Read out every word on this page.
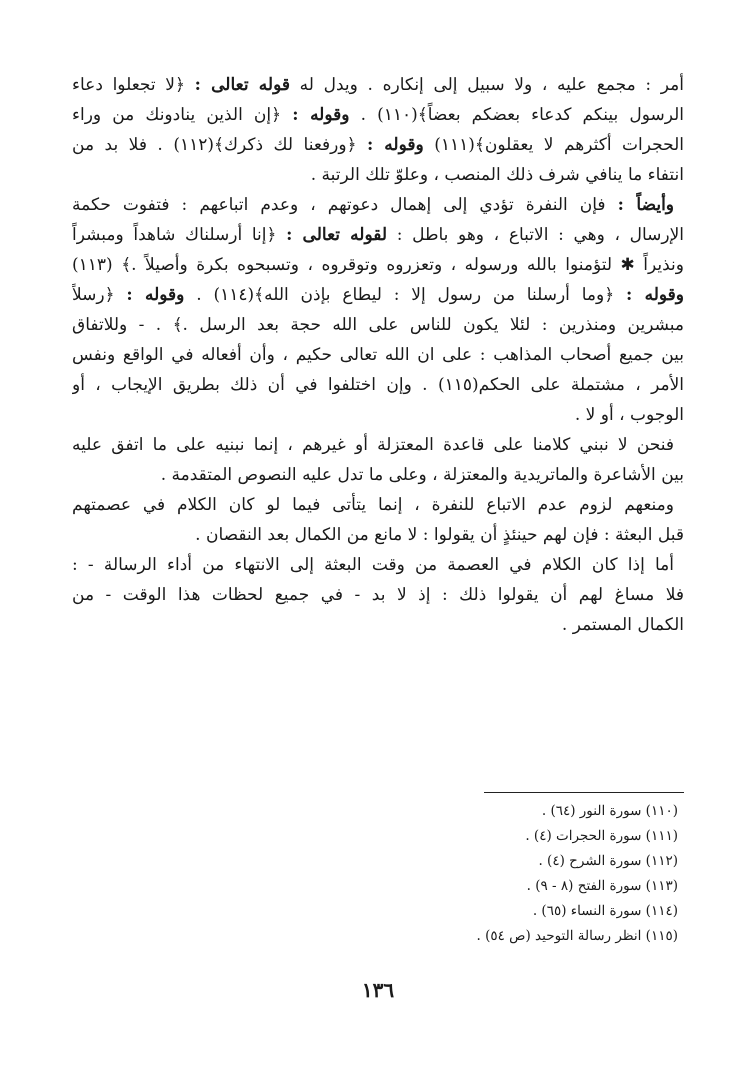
أمر : مجمع عليه ، ولا سبيل إلى إنكاره . ويدل له قوله تعالى : ﴿لا تجعلوا دعاء
الرسول بينكم كدعاء بعضكم بعضاً﴾(١١٠) . وقوله : ﴿إن الذين ينادونك من وراء
الحجرات أكثرهم لا يعقلون﴾(١١١) وقوله : ﴿ورفعنا لك ذكرك﴾(١١٢) . فلا بد من
انتفاء ما ينافي شرف ذلك المنصب ، وعلوّ تلك الرتبة .
وأيضاً : فإن النفرة تؤدي إلى إهمال دعوتهم ، وعدم اتباعهم : فتفوت حكمة
الإرسال ، وهي : الاتباع ، وهو باطل : لقوله تعالى : ﴿إنا أرسلناك شاهداً ومبشراً
ونذيراً ✱ لتؤمنوا بالله ورسوله ، وتعزروه وتوقروه ، وتسبحوه بكرة وأصيلاً .﴾ (١١٣)
وقوله : ﴿وما أرسلنا من رسول إلا : ليطاع بإذن الله﴾(١١٤) . وقوله : ﴿رسلاً
مبشرين ومنذرين : لئلا يكون للناس على الله حجة بعد الرسل .﴾ . - وللاتفاق
بين جميع أصحاب المذاهب : على ان الله تعالى حكيم ، وأن أفعاله في الواقع ونفس
الأمر ، مشتملة على الحكم(١١٥) . وإن اختلفوا في أن ذلك بطريق الإيجاب ، أو
الوجوب ، أو لا .
فنحن لا نبني كلامنا على قاعدة المعتزلة أو غيرهم ، إنما نبنيه على ما اتفق عليه
بين الأشاعرة والماتريدية والمعتزلة ، وعلى ما تدل عليه النصوص المتقدمة .
ومنعهم لزوم عدم الاتباع للنفرة ، إنما يتأتى فيما لو كان الكلام في عصمتهم
قبل البعثة : فإن لهم حينئذٍ أن يقولوا : لا مانع من الكمال بعد النقصان .
أما إذا كان الكلام في العصمة من وقت البعثة إلى الانتهاء من أداء الرسالة - :
فلا مساغ لهم أن يقولوا ذلك : إذ لا بد - في جميع لحظات هذا الوقت - من
الكمال المستمر .
(١١٠) سورة النور (٦٤) .
(١١١) سورة الحجرات (٤) .
(١١٢) سورة الشرح (٤) .
(١١٣) سورة الفتح (٨ - ٩) .
(١١٤) سورة النساء (٦٥) .
(١١٥) انظر رسالة التوحيد (ص ٥٤) .
١٣٦
